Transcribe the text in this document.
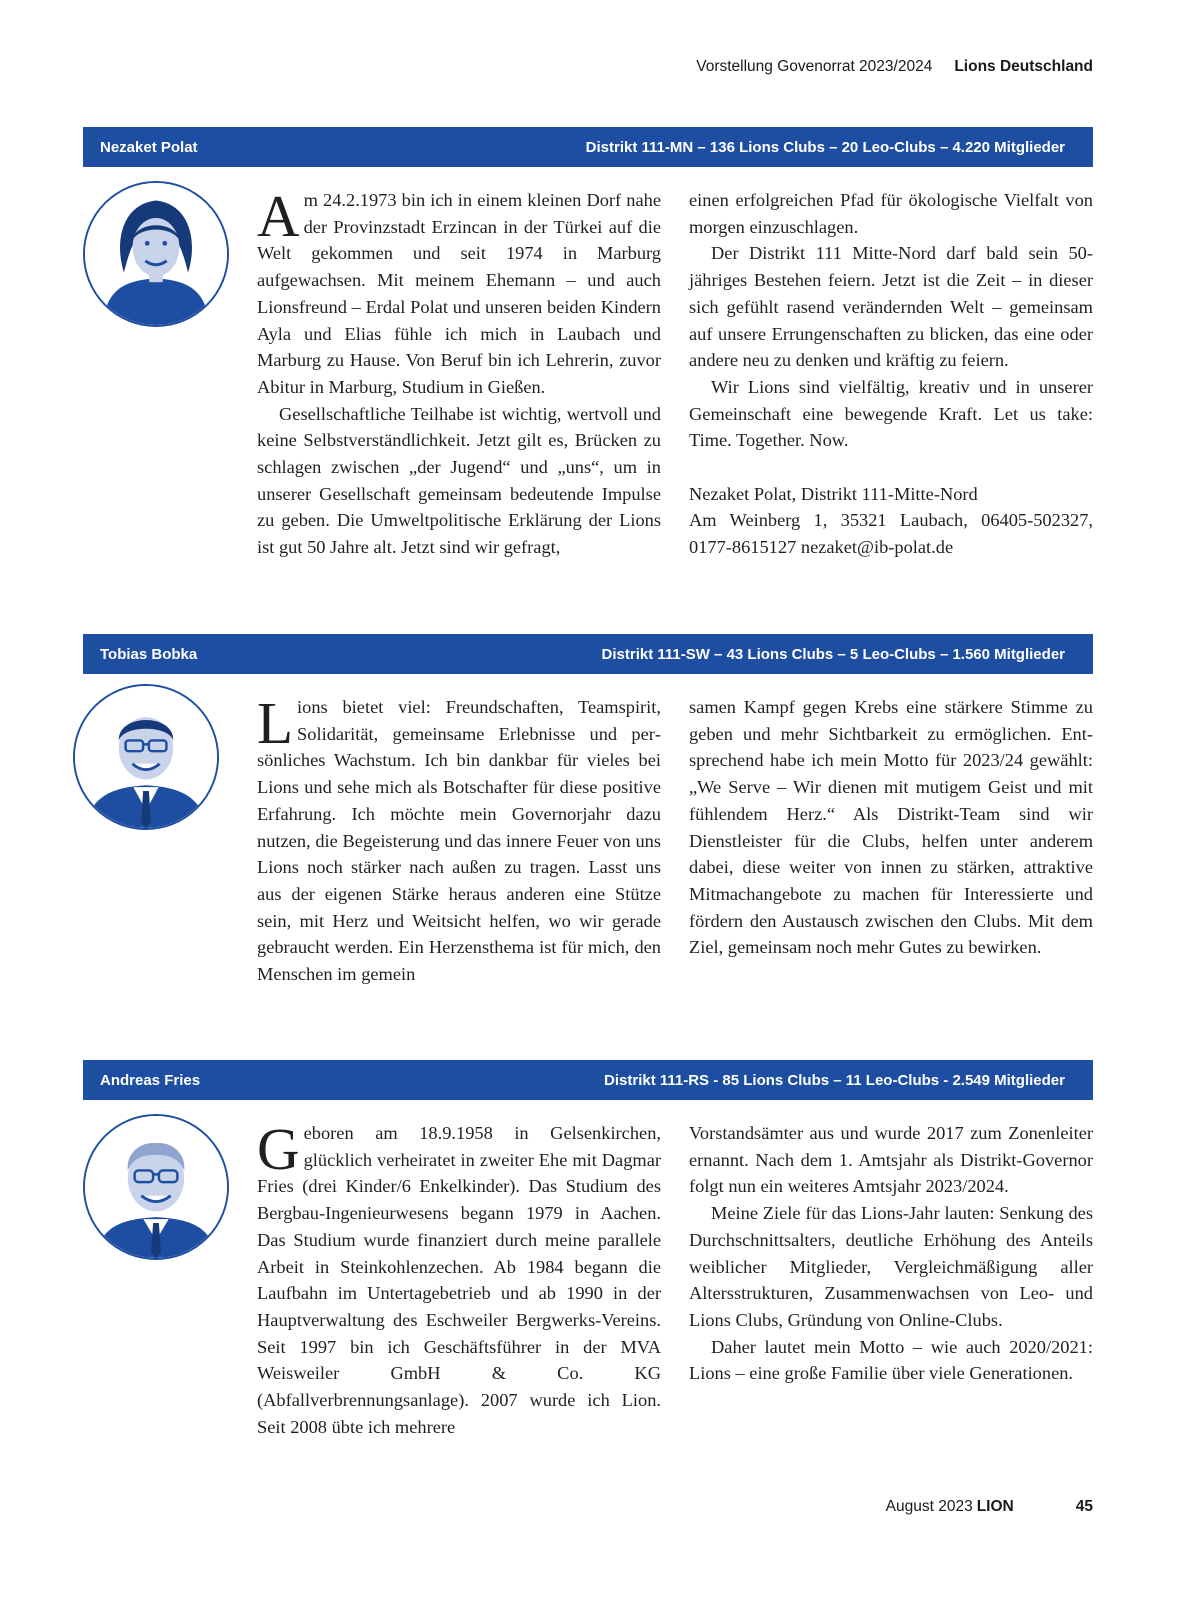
Vorstellung Govenorrat 2023/2024 Lions Deutschland
Nezaket Polat	Distrikt 111-MN – 136 Lions Clubs – 20 Leo-Clubs – 4.220 Mitglieder

Am 24.2.1973 bin ich in einem kleinen Dorf nahe der Provinzstadt Erzincan in der Türkei auf die Welt gekommen und seit 1974 in Marburg aufgewachsen. Mit meinem Ehemann – und auch Lionsfreund – Erdal Polat und unseren beiden Kindern Ayla und Elias fühle ich mich in Laubach und Marburg zu Hause. Von Beruf bin ich Lehrerin, zuvor Abitur in Marburg, Studium in Gießen.

Gesellschaftliche Teilhabe ist wichtig, wertvoll und keine Selbstverständlichkeit. Jetzt gilt es, Brücken zu schlagen zwischen „der Jugend“ und „uns“, um in unserer Gesellschaft gemeinsam bedeutende Impulse zu geben. Die Umweltpolitische Erklärung der Lions ist gut 50 Jahre alt. Jetzt sind wir gefragt,

einen erfolgreichen Pfad für ökologische Vielfalt von morgen einzuschlagen.

Der Distrikt 111 Mitte-Nord darf bald sein 50-jähriges Bestehen feiern. Jetzt ist die Zeit – in dieser sich gefühlt rasend verändernden Welt – gemeinsam auf unsere Errungenschaften zu blicken, das eine oder andere neu zu denken und kräftig zu feiern.

Wir Lions sind vielfältig, kreativ und in unserer Gemeinschaft eine bewegende Kraft. Let us take: Time. Together. Now.

Nezaket Polat, Distrikt 111-Mitte-Nord

Am Weinberg 1, 35321 Laubach, 06405-502327, 0177-8615127 nezaket@ib-polat.de

Tobias Bobka	Distrikt 111-SW – 43 Lions Clubs – 5 Leo-Clubs – 1.560 Mitglieder

Lions bietet viel: Freundschaften, Teamspirit, Solidarität, gemeinsame Erlebnisse und persönliches Wachstum. Ich bin dankbar für vieles bei Lions und sehe mich als Botschafter für diese positive Erfahrung. Ich möchte mein Governorjahr dazu nutzen, die Begeisterung und das innere Feuer von uns Lions noch stärker nach außen zu tragen. Lasst uns aus der eigenen Stärke heraus anderen eine Stütze sein, mit Herz und Weitsicht helfen, wo wir gerade gebraucht werden. Ein Herzensthema ist für mich, den Menschen im gemein

samen Kampf gegen Krebs eine stärkere Stimme zu geben und mehr Sichtbarkeit zu ermöglichen. Entsprechend habe ich mein Motto für 2023/24 gewählt: „We Serve – Wir dienen mit mutigem Geist und mit fühlendem Herz.“ Als Distrikt-Team sind wir Dienstleister für die Clubs, helfen unter anderem dabei, diese weiter von innen zu stärken, attraktive Mitmachangebote zu machen für Interessierte und fördern den Austausch zwischen den Clubs. Mit dem Ziel, gemeinsam noch mehr Gutes zu bewirken.

Andreas Fries	Distrikt 111-RS - 85 Lions Clubs – 11 Leo-Clubs - 2.549 Mitglieder

Geboren am 18.9.1958 in Gelsenkirchen, glücklich verheiratet in zweiter Ehe mit Dagmar Fries (drei Kinder/6 Enkelkinder). Das Studium des Bergbau-Ingenieurwesens begann 1979 in Aachen. Das Studium wurde finanziert durch meine parallele Arbeit in Steinkohlenzechen. Ab 1984 begann die Laufbahn im Untertagebetrieb und ab 1990 in der Hauptverwaltung des Eschweiler Bergwerks-Vereins. Seit 1997 bin ich Geschäftsführer in der MVA Weisweiler GmbH & Co. KG (Abfallverbrennungsanlage). 2007 wurde ich Lion. Seit 2008 übte ich mehrere

Vorstandsämter aus und wurde 2017 zum Zonenleiter ernannt. Nach dem 1. Amtsjahr als Distrikt-Governor folgt nun ein weiteres Amtsjahr 2023/2024.

Meine Ziele für das Lions-Jahr lauten: Senkung des Durchschnittsalters, deutliche Erhöhung des Anteils weiblicher Mitglieder, Vergleichmäßigung aller Altersstrukturen, Zusammenwachsen von Leo- und Lions Clubs, Gründung von Online-Clubs.

Daher lautet mein Motto – wie auch 2020/2021: Lions – eine große Familie über viele Generationen.

August 2023 LION	45
